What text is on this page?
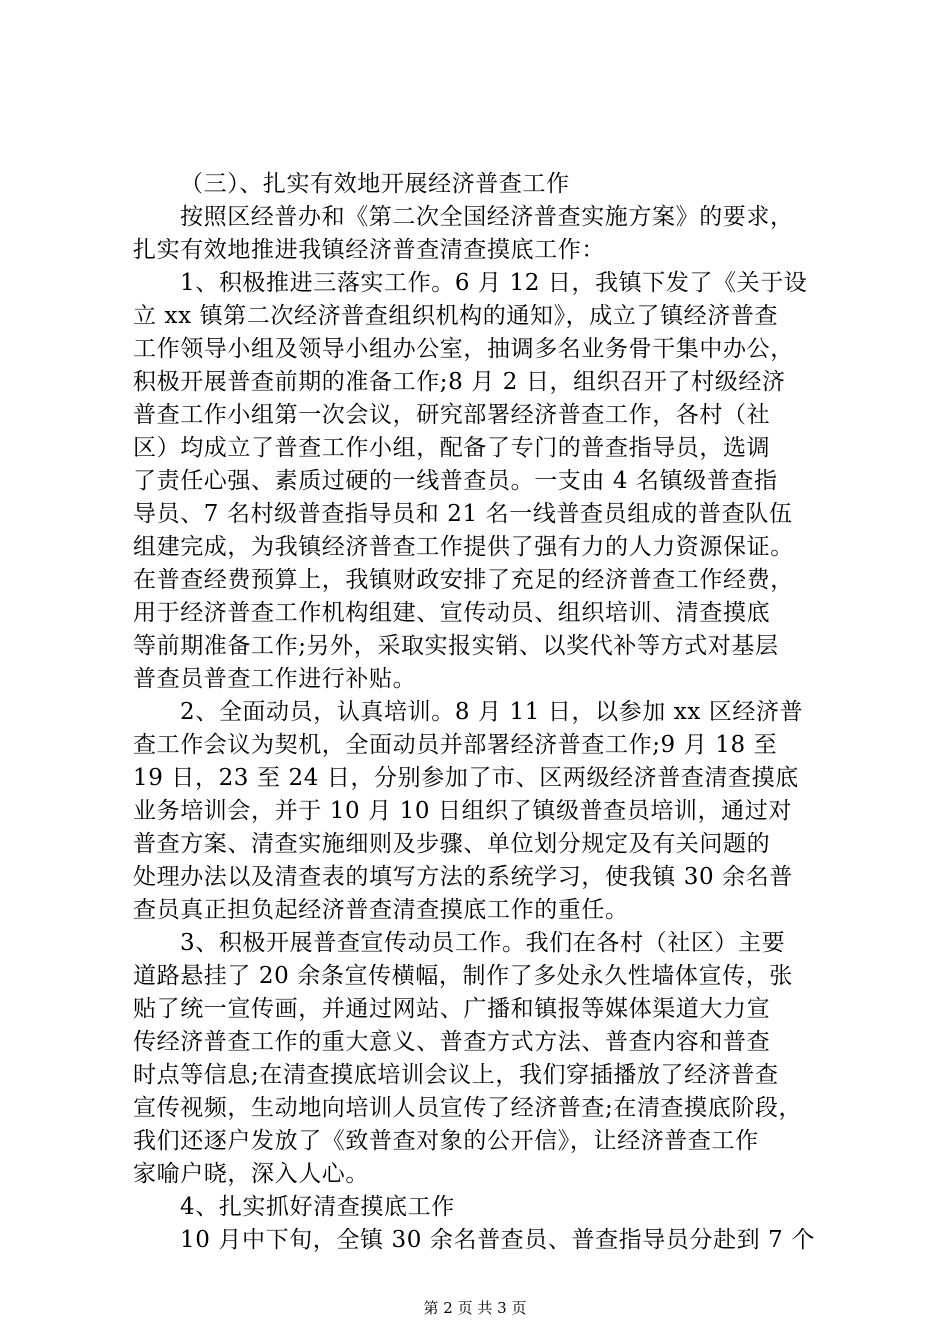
（三）、扎实有效地开展经济普查工作
按照区经普办和《第二次全国经济普查实施方案》的要求，
扎实有效地推进我镇经济普查清查摸底工作：
1、积极推进三落实工作。6 月 12 日，我镇下发了《关于设
立 xx 镇第二次经济普查组织机构的通知》，成立了镇经济普查
工作领导小组及领导小组办公室，抽调多名业务骨干集中办公，
积极开展普查前期的准备工作;8 月 2 日，组织召开了村级经济
普查工作小组第一次会议，研究部署经济普查工作，各村（社
区）均成立了普查工作小组，配备了专门的普查指导员，选调
了责任心强、素质过硬的一线普查员。一支由 4 名镇级普查指
导员、7 名村级普查指导员和 21 名一线普查员组成的普查队伍
组建完成，为我镇经济普查工作提供了强有力的人力资源保证。
在普查经费预算上，我镇财政安排了充足的经济普查工作经费，
用于经济普查工作机构组建、宣传动员、组织培训、清查摸底
等前期准备工作;另外，采取实报实销、以奖代补等方式对基层
普查员普查工作进行补贴。
2、全面动员，认真培训。8 月 11 日，以参加 xx 区经济普
查工作会议为契机，全面动员并部署经济普查工作;9 月 18 至
19 日，23 至 24 日，分别参加了市、区两级经济普查清查摸底
业务培训会，并于 10 月 10 日组织了镇级普查员培训，通过对
普查方案、清查实施细则及步骤、单位划分规定及有关问题的
处理办法以及清查表的填写方法的系统学习，使我镇 30 余名普
查员真正担负起经济普查清查摸底工作的重任。
3、积极开展普查宣传动员工作。我们在各村（社区）主要
道路悬挂了 20 余条宣传横幅，制作了多处永久性墙体宣传，张
贴了统一宣传画，并通过网站、广播和镇报等媒体渠道大力宣
传经济普查工作的重大意义、普查方式方法、普查内容和普查
时点等信息;在清查摸底培训会议上，我们穿插播放了经济普查
宣传视频，生动地向培训人员宣传了经济普查;在清查摸底阶段，
我们还逐户发放了《致普查对象的公开信》，让经济普查工作
家喻户晓，深入人心。
4、扎实抓好清查摸底工作
10 月中下旬，全镇 30 余名普查员、普查指导员分赴到 7 个
第 2 页 共 3 页
